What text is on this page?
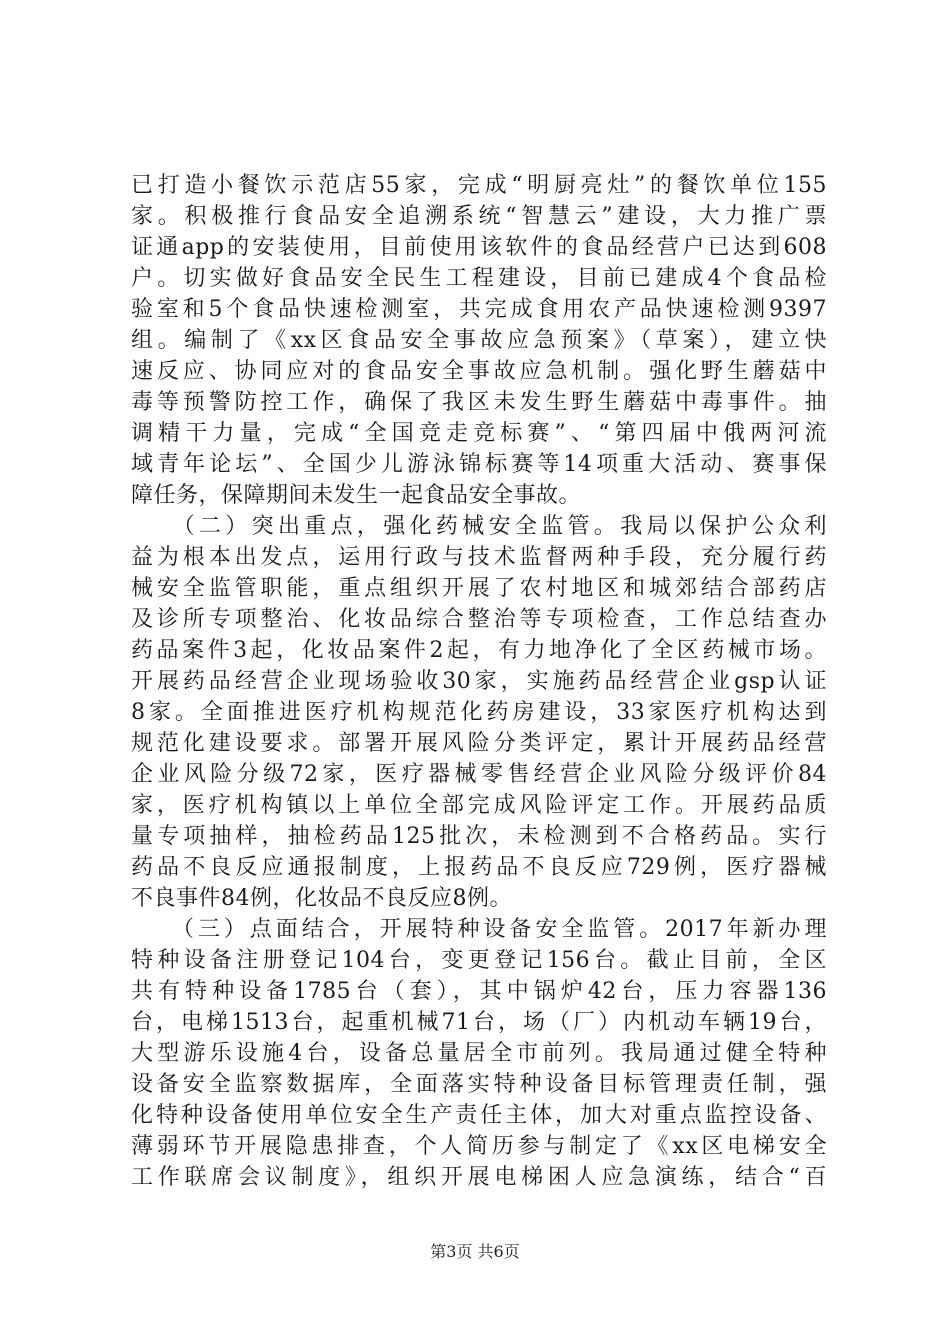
已打造小餐饮示范店55家，完成“明厨亮灶”的餐饮单位155
家。积极推行食品安全追溯系统“智慧云”建设，大力推广票
证通app的安装使用，目前使用该软件的食品经营户已达到608
户。切实做好食品安全民生工程建设，目前已建成4个食品检
验室和5个食品快速检测室，共完成食用农产品快速检测9397
组。编制了《xx区食品安全事故应急预案》（草案），建立快
速反应、协同应对的食品安全事故应急机制。强化野生蘑菇中
毒等预警防控工作，确保了我区未发生野生蘑菇中毒事件。抽
调精干力量，完成“全国竞走竞标赛”、“第四届中俄两河流
域青年论坛”、全国少儿游泳锦标赛等14项重大活动、赛事保
障任务，保障期间未发生一起食品安全事故。
　　（二）突出重点，强化药械安全监管。我局以保护公众利
益为根本出发点，运用行政与技术监督两种手段，充分履行药
械安全监管职能，重点组织开展了农村地区和城郊结合部药店
及诊所专项整治、化妆品综合整治等专项检查，工作总结查办
药品案件3起，化妆品案件2起，有力地净化了全区药械市场。
开展药品经营企业现场验收30家，实施药品经营企业gsp认证
8家。全面推进医疗机构规范化药房建设，33家医疗机构达到
规范化建设要求。部署开展风险分类评定，累计开展药品经营
企业风险分级72家，医疗器械零售经营企业风险分级评价84
家，医疗机构镇以上单位全部完成风险评定工作。开展药品质
量专项抽样，抽检药品125批次，未检测到不合格药品。实行
药品不良反应通报制度，上报药品不良反应729例，医疗器械
不良事件84例，化妆品不良反应8例。
　　（三）点面结合，开展特种设备安全监管。2017年新办理
特种设备注册登记104台，变更登记156台。截止目前，全区
共有特种设备1785台（套），其中锅炉42台，压力容器136
台，电梯1513台，起重机械71台，场（厂）内机动车辆19台，
大型游乐设施4台，设备总量居全市前列。我局通过健全特种
设备安全监察数据库，全面落实特种设备目标管理责任制，强
化特种设备使用单位安全生产责任主体，加大对重点监控设备、
薄弱环节开展隐患排查，个人简历参与制定了《xx区电梯安全
工作联席会议制度》，组织开展电梯困人应急演练，结合“百
第3页 共6页
